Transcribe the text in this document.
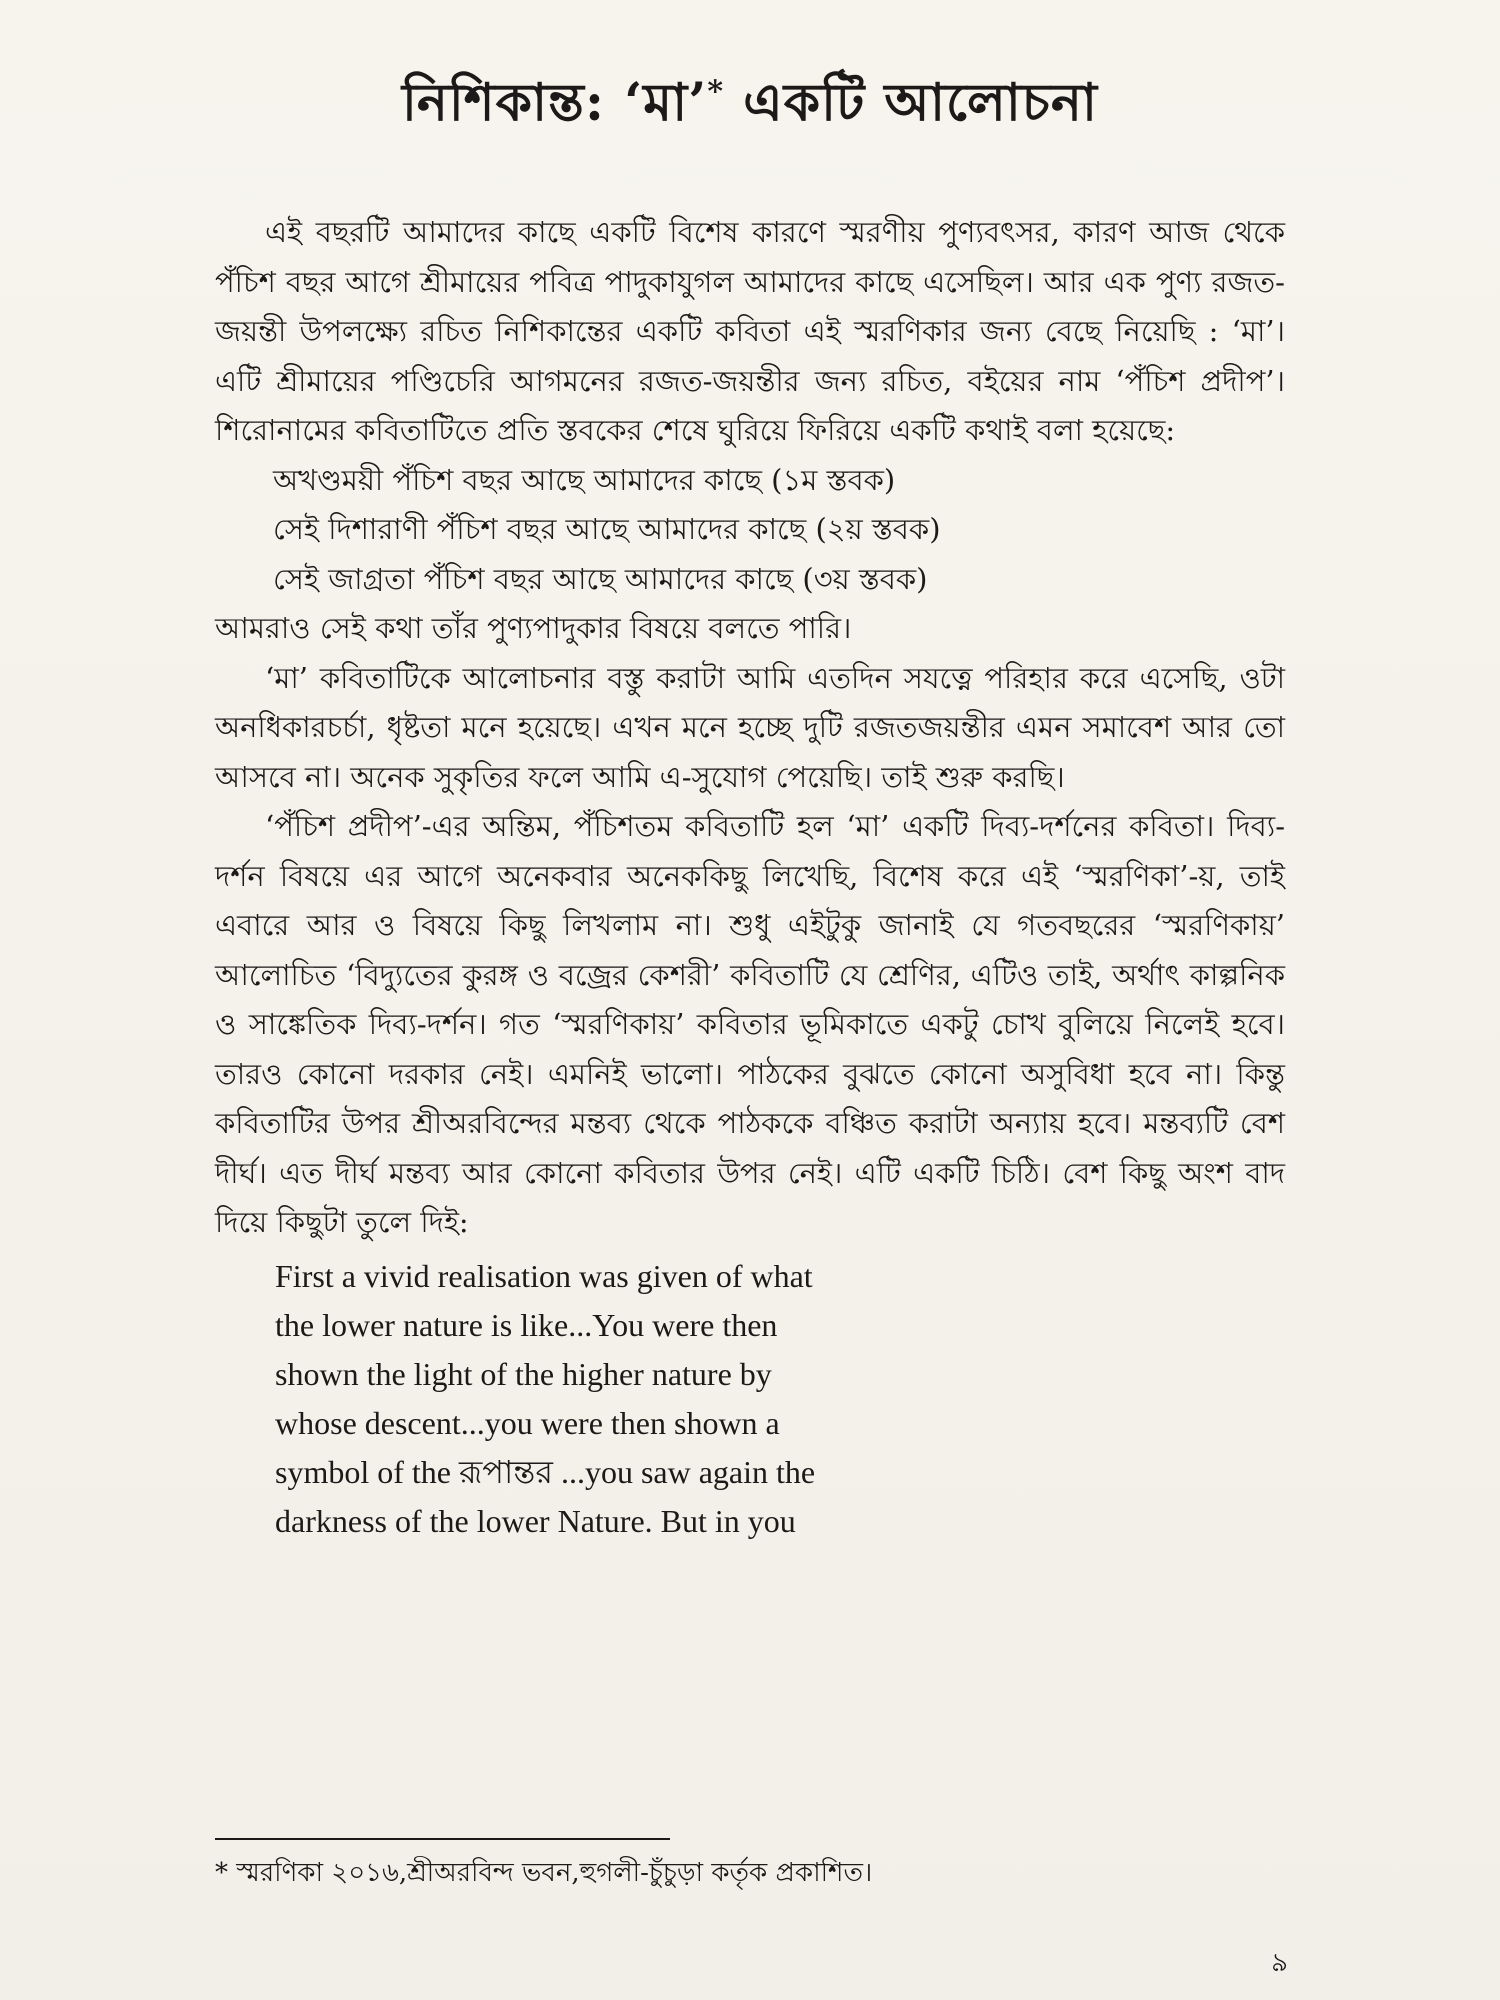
নিশিকান্ত: ‘মা’* একটি আলোচনা

এই বছরটি আমাদের কাছে একটি বিশেষ কারণে স্মরণীয় পুণ্যবৎসর, কারণ আজ থেকে পঁচিশ বছর আগে শ্রীমায়ের পবিত্র পাদুকাযুগল আমাদের কাছে এসেছিল। আর এক পুণ্য রজত-জয়ন্তী উপলক্ষ্যে রচিত নিশিকান্তের একটি কবিতা এই স্মরণিকার জন্য বেছে নিয়েছি : ‘মা’। এটি শ্রীমায়ের পণ্ডিচেরি আগমনের রজত-জয়ন্তীর জন্য রচিত, বইয়ের নাম ‘পঁচিশ প্রদীপ’। শিরোনামের কবিতাটিতে প্রতি স্তবকের শেষে ঘুরিয়ে ফিরিয়ে একটি কথাই বলা হয়েছে:

অখণ্ডময়ী পঁচিশ বছর আছে আমাদের কাছে (১ম স্তবক)
সেই দিশারাণী পঁচিশ বছর আছে আমাদের কাছে (২য় স্তবক)
সেই জাগ্রতা পঁচিশ বছর আছে আমাদের কাছে (৩য় স্তবক)

আমরাও সেই কথা তাঁর পুণ্যপাদুকার বিষয়ে বলতে পারি।

‘মা’ কবিতাটিকে আলোচনার বস্তু করাটা আমি এতদিন সযত্নে পরিহার করে এসেছি, ওটা অনধিকারচর্চা, ধৃষ্টতা মনে হয়েছে। এখন মনে হচ্ছে দুটি রজতজয়ন্তীর এমন সমাবেশ আর তো আসবে না। অনেক সুকৃতির ফলে আমি এ-সুযোগ পেয়েছি। তাই শুরু করছি।

‘পঁচিশ প্রদীপ’-এর অন্তিম, পঁচিশতম কবিতাটি হল ‘মা’ একটি দিব্য-দর্শনের কবিতা। দিব্য-দর্শন বিষয়ে এর আগে অনেকবার অনেককিছু লিখেছি, বিশেষ করে এই ‘স্মরণিকা’-য়, তাই এবারে আর ও বিষয়ে কিছু লিখলাম না। শুধু এইটুকু জানাই যে গতবছরের ‘স্মরণিকায়’ আলোচিত ‘বিদ্যুতের কুরঙ্গ ও বজ্রের কেশরী’ কবিতাটি যে শ্রেণির, এটিও তাই, অর্থাৎ কাল্পনিক ও সাঙ্কেতিক দিব্য-দর্শন। গত ‘স্মরণিকায়’ কবিতার ভূমিকাতে একটু চোখ বুলিয়ে নিলেই হবে। তারও কোনো দরকার নেই। এমনিই ভালো। পাঠকের বুঝতে কোনো অসুবিধা হবে না। কিন্তু কবিতাটির উপর শ্রীঅরবিন্দের মন্তব্য থেকে পাঠককে বঞ্চিত করাটা অন্যায় হবে। মন্তব্যটি বেশ দীর্ঘ। এত দীর্ঘ মন্তব্য আর কোনো কবিতার উপর নেই। এটি একটি চিঠি। বেশ কিছু অংশ বাদ দিয়ে কিছুটা তুলে দিই:

First a vivid realisation was given of what
the lower nature is like...You were then
shown the light of the higher nature by
whose descent...you were then shown a
symbol of the রূপান্তর ...you saw again the
darkness of the lower Nature. But in you
* স্মরণিকা ২০১৬,শ্রীঅরবিন্দ ভবন,হুগলী-চুঁচুড়া কর্তৃক প্রকাশিত।
৯
